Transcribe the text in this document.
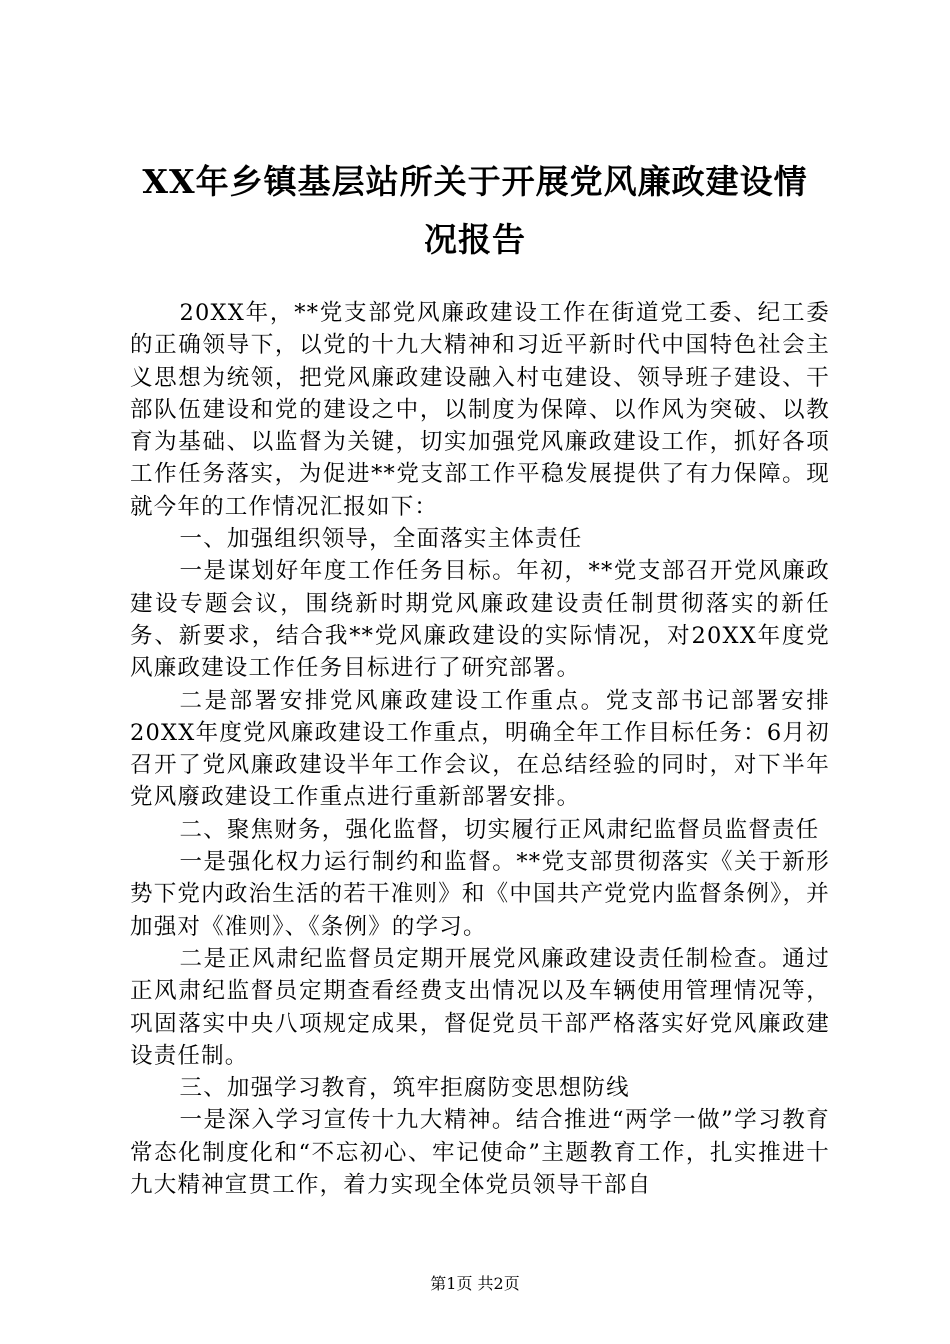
XX年乡镇基层站所关于开展党风廉政建设情
况报告

20XX年，**党支部党风廉政建设工作在街道党工委、纪工委的正确领导下，以党的十九大精神和习近平新时代中国特色社会主义思想为统领，把党风廉政建设融入村屯建设、领导班子建设、干部队伍建设和党的建设之中，以制度为保障、以作风为突破、以教育为基础、以监督为关键，切实加强党风廉政建设工作，抓好各项工作任务落实，为促进**党支部工作平稳发展提供了有力保障。现就今年的工作情况汇报如下：

一、加强组织领导，全面落实主体责任

一是谋划好年度工作任务目标。年初，**党支部召开党风廉政建设专题会议，围绕新时期党风廉政建设责任制贯彻落实的新任务、新要求，结合我**党风廉政建设的实际情况，对20XX年度党风廉政建设工作任务目标进行了研究部署。

二是部署安排党风廉政建设工作重点。党支部书记部署安排20XX年度党风廉政建设工作重点，明确全年工作目标任务：6月初召开了党风廉政建设半年工作会议，在总结经验的同时，对下半年党风廢政建设工作重点进行重新部署安排。

二、聚焦财务，强化监督，切实履行正风肃纪监督员监督责任

一是强化权力运行制约和监督。**党支部贯彻落实《关于新形势下党内政治生活的若干准则》和《中国共产党党内监督条例》，并加强对《准则》、《条例》的学习。

二是正风肃纪监督员定期开展党风廉政建设责任制检查。通过正风肃纪监督员定期查看经费支出情况以及车辆使用管理情况等，巩固落实中央八项规定成果，督促党员干部严格落实好党风廉政建设责任制。

三、加强学习教育，筑牢拒腐防变思想防线

一是深入学习宣传十九大精神。结合推进“两学一做”学习教育常态化制度化和“不忘初心、牢记使命”主题教育工作，扎实推进十九大精神宣贯工作，着力实现全体党员领导干部自

第1页 共2页
